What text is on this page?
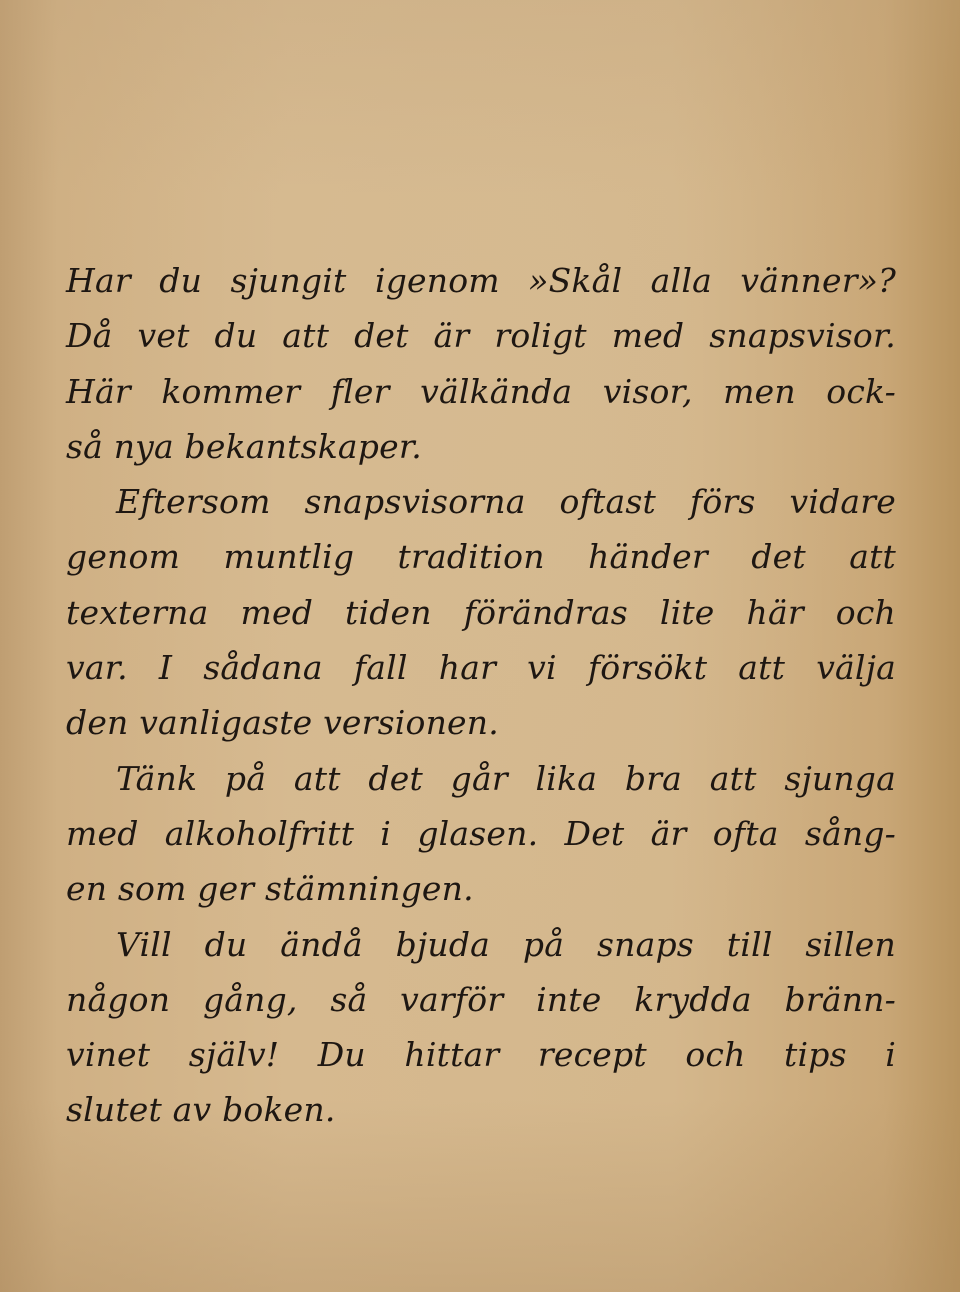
Har du sjungit igenom »Skål alla vänner»?
Då vet du att det är roligt med snapsvisor.
Här kommer fler välkända visor, men ock-
så nya bekantskaper.
Eftersom snapsvisorna oftast förs vidare
genom muntlig tradition händer det att
texterna med tiden förändras lite här och
var. I sådana fall har vi försökt att välja
den vanligaste versionen.
Tänk på att det går lika bra att sjunga
med alkoholfritt i glasen. Det är ofta sång-
en som ger stämningen.
Vill du ändå bjuda på snaps till sillen
någon gång, så varför inte krydda bränn-
vinet själv! Du hittar recept och tips i
slutet av boken.
